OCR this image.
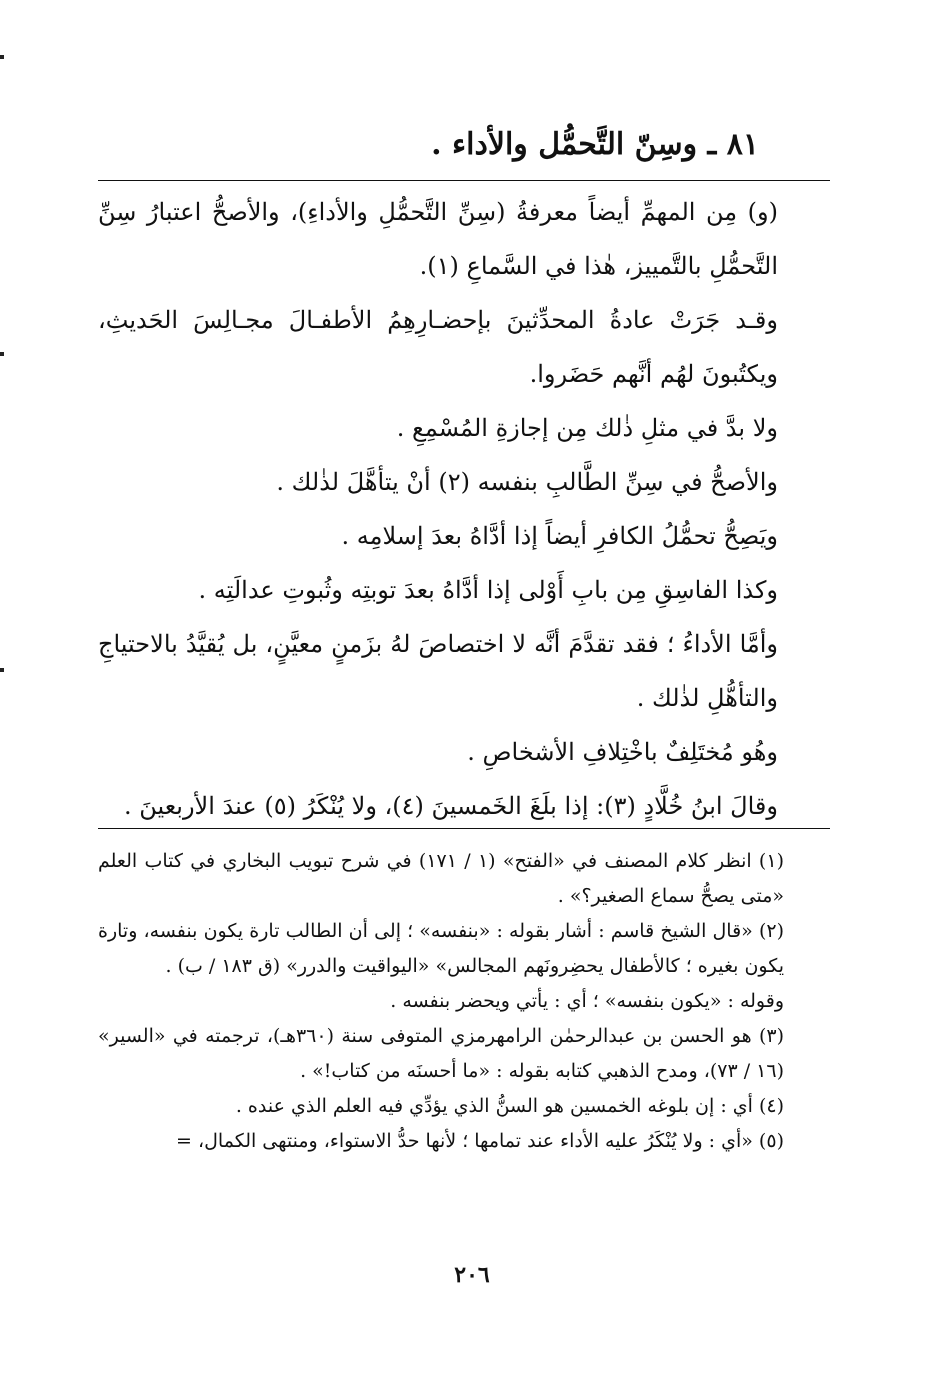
٨١ ـ وسِنّ التَّحمُّل والأداء .

(و) مِن المهمِّ أيضاً معرفةُ (سِنِّ التَّحمُّلِ والأداءِ)، والأصحُّ اعتبارُ سِنِّ التَّحمُّلِ بالتَّمييز، هٰذا في السَّماعِ (١).

وقـد جَرَتْ عادةُ المحدِّثينَ بإحضـارِهِمُ الأطفـالَ مجـالِسَ الحَديثِ، ويكتُبونَ لهُم أنَّهم حَضَروا.

ولا بدَّ في مثلِ ذٰلك مِن إجازةِ المُسْمِعِ .

والأصحُّ في سِنِّ الطَّالبِ بنفسه (٢) أنْ يتأهَّلَ لذٰلك .

ويَصِحُّ تحمُّلُ الكافرِ أيضاً إذا أدَّاهُ بعدَ إسلامِه .

وكذا الفاسِقِ مِن بابِ أَوْلى إذا أدَّاهُ بعدَ توبتِه وثُبوتِ عدالَتِه .

وأمَّا الأداءُ ؛ فقد تقدَّمَ أنَّه لا اختصاصَ لهُ بزَمنٍ معيَّنٍ، بل يُقيَّدُ بالاحتياجِ والتأهُّلِ لذٰلك .

وهُو مُختَلِفٌ باخْتِلافِ الأشخاصِ .

وقالَ ابنُ خُلَّادٍ (٣): إذا بلَغَ الخَمسينَ (٤)، ولا يُنْكَرُ (٥) عندَ الأربعينَ .

(١) انظر كلام المصنف في «الفتح» (١ / ١٧١) في شرح تبويب البخاري في كتاب العلم «متى يصحُّ سماع الصغير؟» .

(٢) «قال الشيخ قاسم : أشار بقوله : «بنفسه» ؛ إلى أن الطالب تارة يكون بنفسه، وتارة يكون بغيره ؛ كالأطفال يحضِرونَهم المجالس» «اليواقيت والدرر» (ق ١٨٣ / ب) .

وقوله : «يكون بنفسه» ؛ أي : يأتي ويحضر بنفسه .

(٣) هو الحسن بن عبدالرحمٰن الرامهرمزي المتوفى سنة (٣٦٠هـ)، ترجمته في «السير» (١٦ / ٧٣)، ومدح الذهبي كتابه بقوله : «ما أحسنَه من كتاب!» .

(٤) أي : إن بلوغه الخمسين هو السنُّ الذي يؤدِّي فيه العلم الذي عنده .

(٥) «أي : ولا يُنْكَرُ عليه الأداء عند تمامها ؛ لأنها حدُّ الاستواء، ومنتهى الكمال، =

٢٠٦
